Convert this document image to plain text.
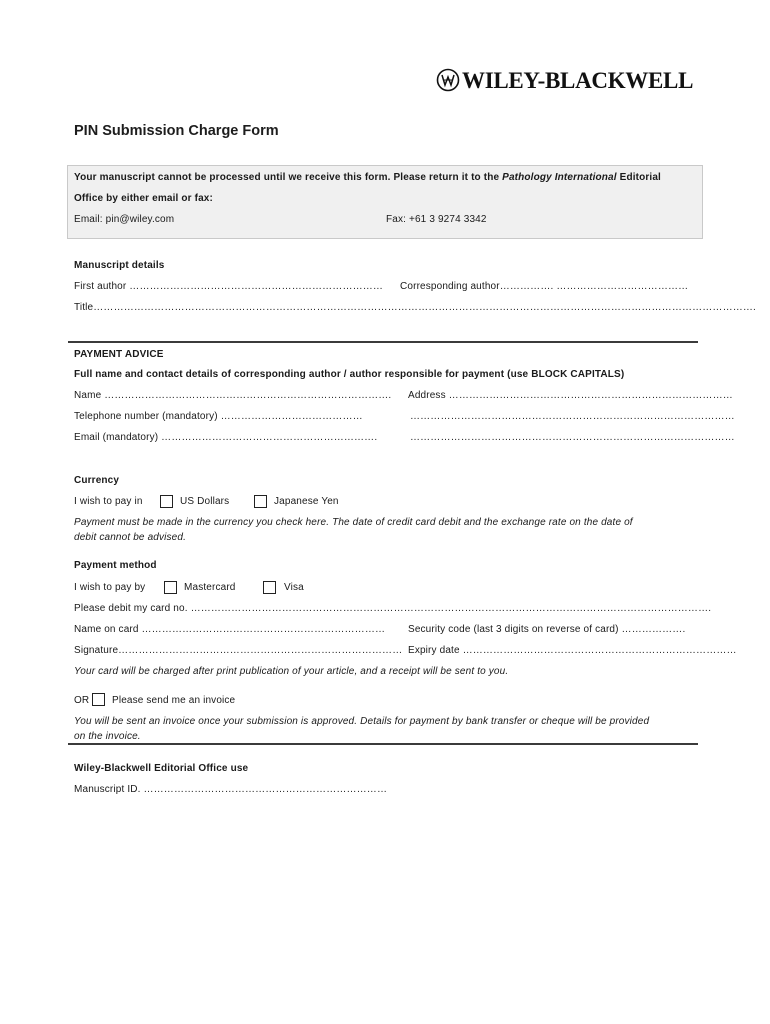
WILEY-BLACKWELL
PIN Submission Charge Form
Your manuscript cannot be processed until we receive this form. Please return it to the Pathology International Editorial
Office by either email or fax:
Email: pin@wiley.com	Fax: +61 3 9274 3342
Manuscript details
First author ………………………………………………………………… Corresponding author……………. …………………………………
Title…………………………………………………………………………………………………………………………………………………………………………….
PAYMENT ADVICE
Full name and contact details of corresponding author / author responsible for payment (use BLOCK CAPITALS)
Name …………………………………………………………………………. Address …………………………………………………………………………
Telephone number (mandatory) ……………………………………	……………………………………………………………………………………
Email (mandatory) ……………………………………………………….	……………………………………………………………………………………
Currency
I wish to pay in	US Dollars	Japanese Yen
Payment must be made in the currency you check here. The date of credit card debit and the exchange rate on the date of
debit cannot be advised.
Payment method
I wish to pay by	Mastercard	Visa
Please debit my card no. ……………………………………………………………………………………………………………………………………….
Name on card ……………………………………………………………… Security code (last 3 digits on reverse of card) ……………….
Signature………………………………………………………………………… Expiry date ………………………………………………………………………
Your card will be charged after print publication of your article, and a receipt will be sent to you.
OR Please send me an invoice
You will be sent an invoice once your submission is approved. Details for payment by bank transfer or cheque will be provided
on the invoice.
Wiley-Blackwell Editorial Office use
Manuscript ID. ………………………………………………………………
